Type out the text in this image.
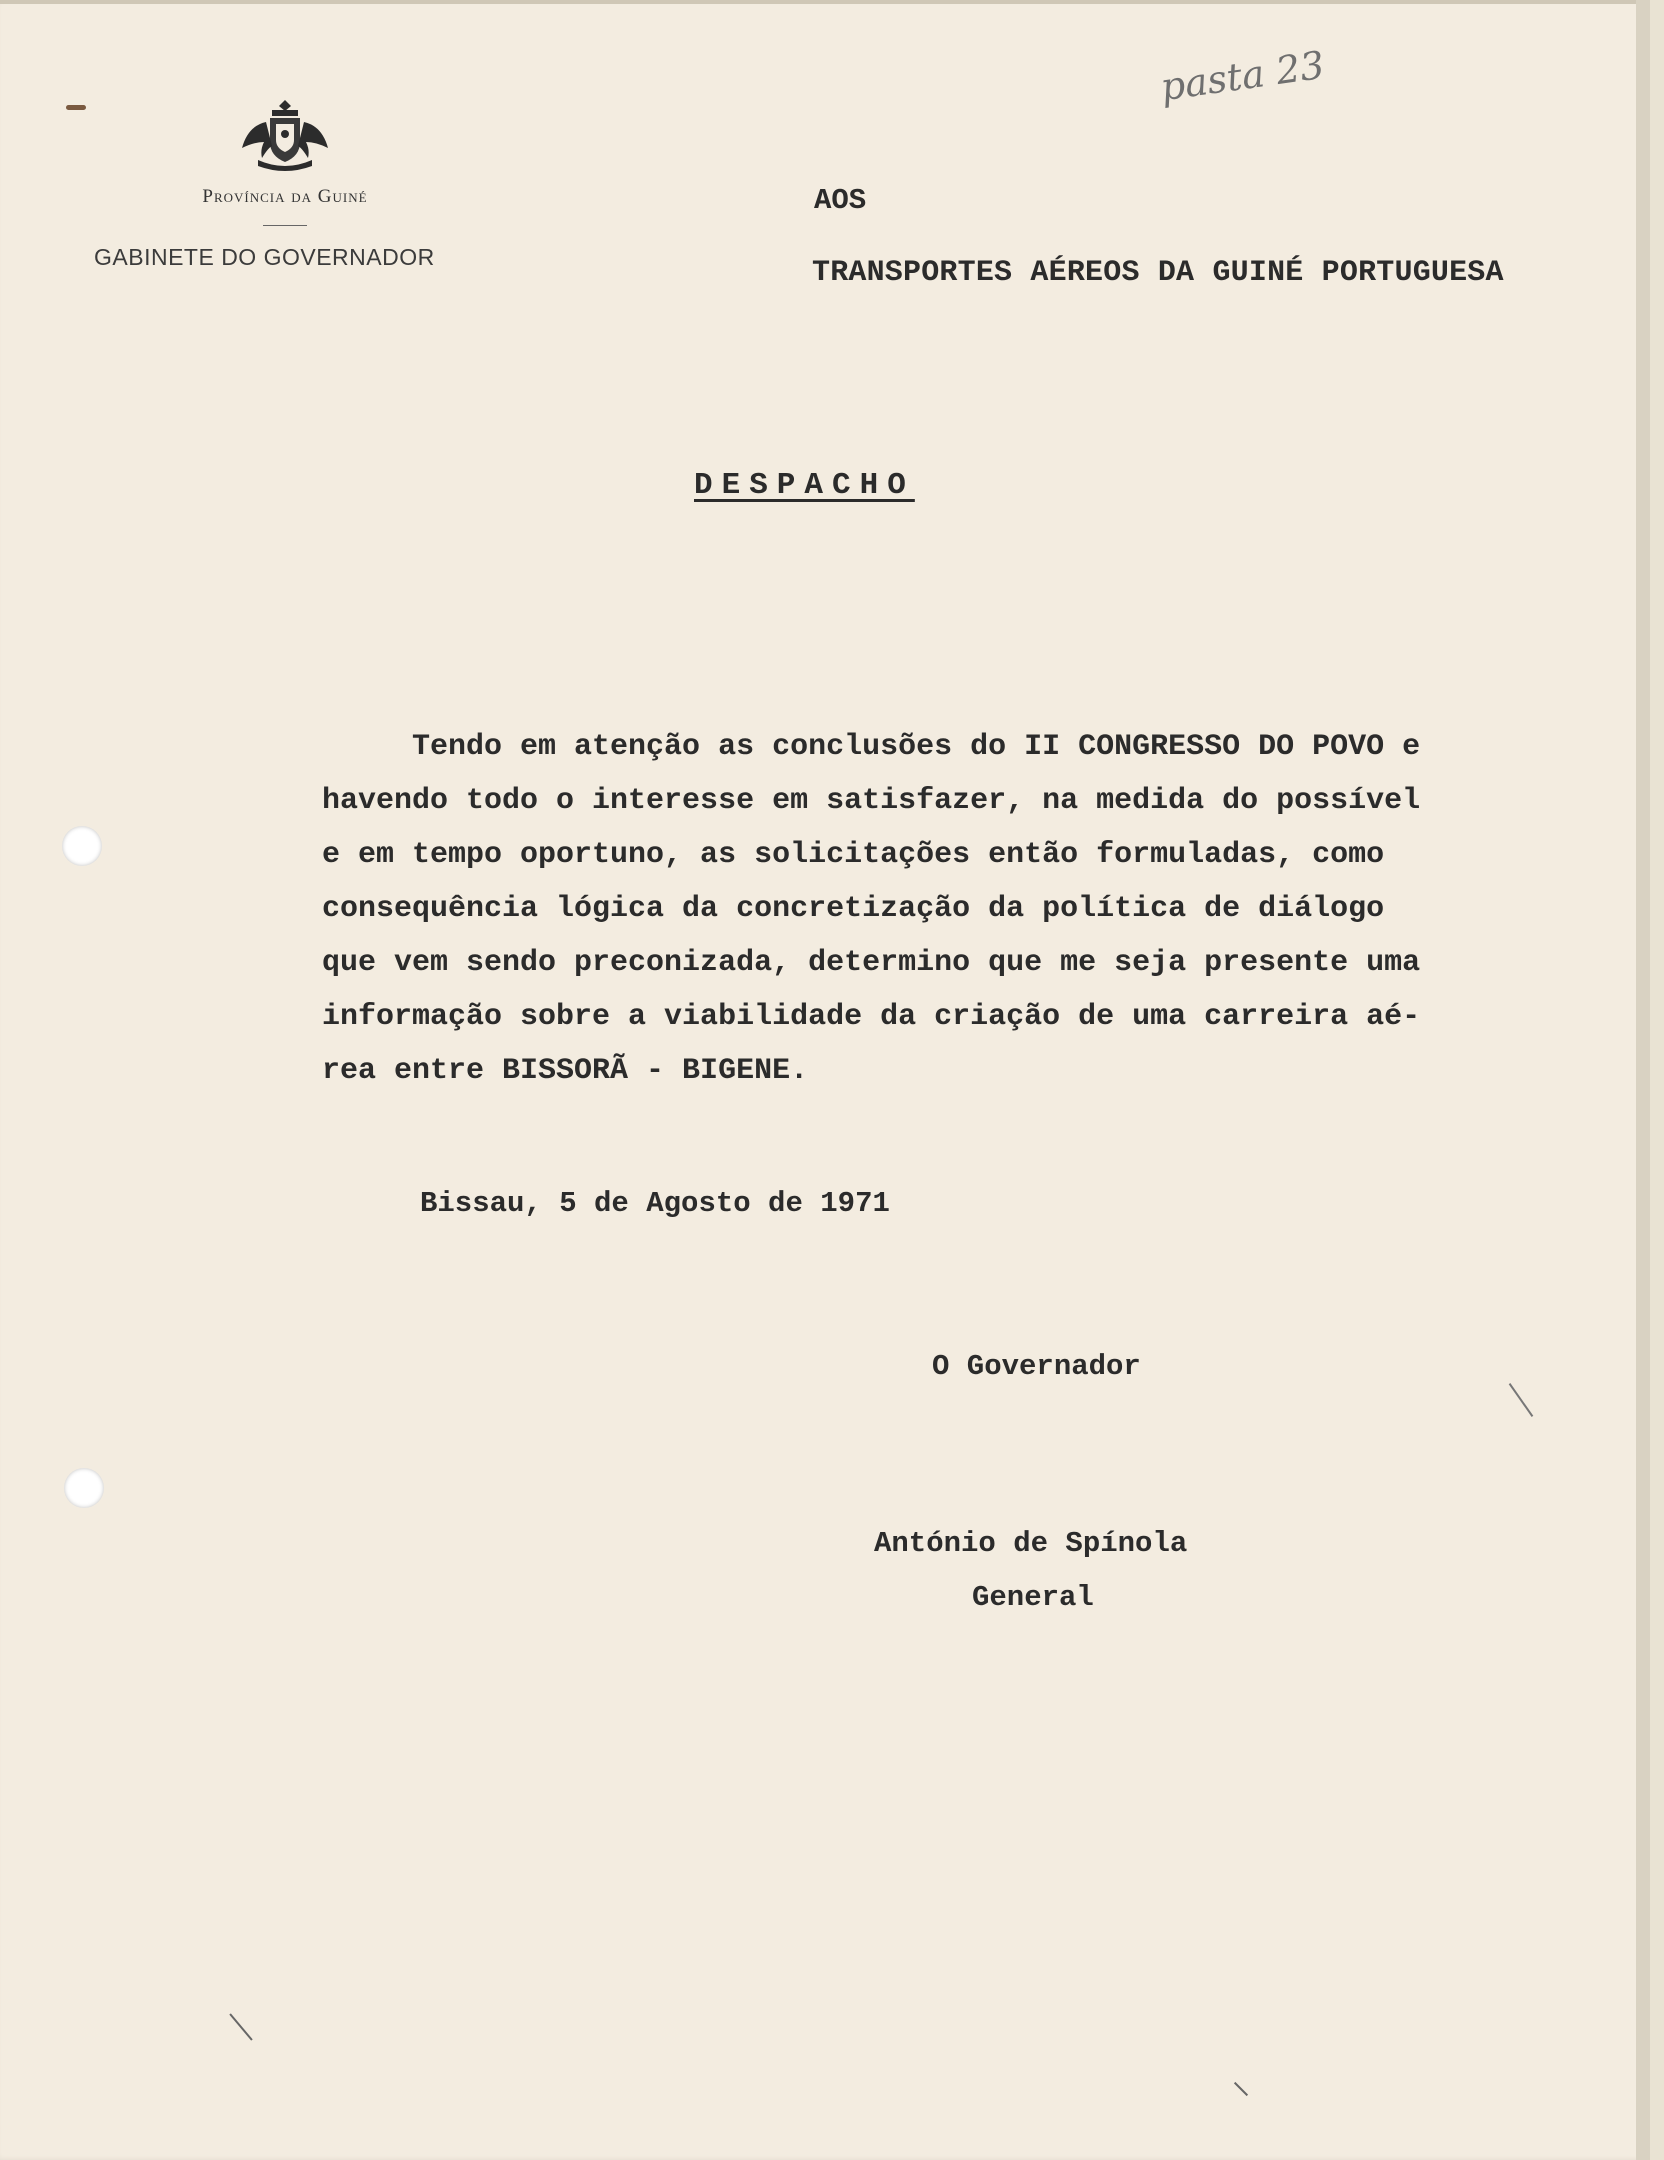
Província da Guiné
GABINETE DO GOVERNADOR
pasta 23
AOS
TRANSPORTES AÉREOS DA GUINÉ PORTUGUESA
DESPACHO
Tendo em atenção as conclusões do II CONGRESSO DO POVO e
havendo todo o interesse em satisfazer, na medida do possível
e em tempo oportuno, as solicitações então formuladas, como
consequência lógica da concretização da política de diálogo
que vem sendo preconizada, determino que me seja presente uma
informação sobre a viabilidade da criação de uma carreira aé-
rea entre BISSORÃ - BIGENE.
Bissau, 5 de Agosto de 1971
O Governador
António de Spínola
General
